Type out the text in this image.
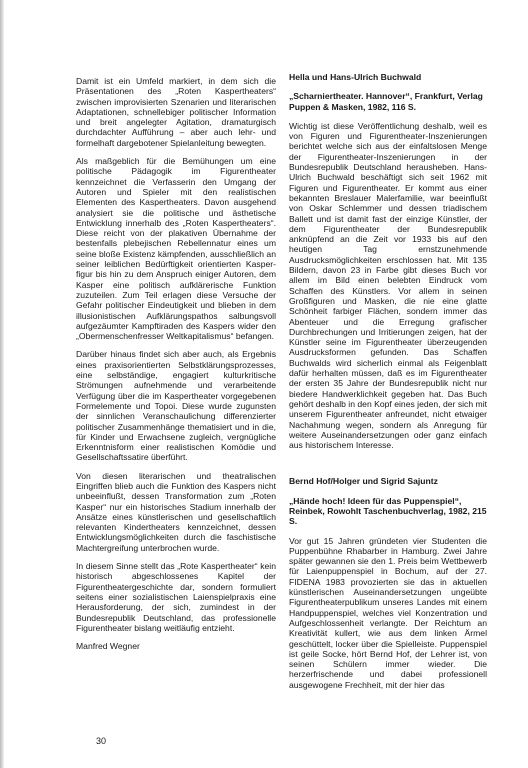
Damit ist ein Umfeld markiert, in dem sich die Präsentationen des „Roten Kaspertheaters“ zwischen improvisierten Szenarien und literarischen Adaptationen, schnellebiger politischer Information und breit angelegter Agitation, dramaturgisch durchdachter Aufführung – aber auch lehr- und formelhaft dargebotener Spielanleitung bewegten.

Als maßgeblich für die Bemühungen um eine politische Pädagogik im Figurentheater kennzeichnet die Verfasserin den Umgang der Autoren und Spieler mit den realistischen Elementen des Kaspertheaters. Davon ausgehend analysiert sie die politische und ästhetische Entwicklung innerhalb des „Roten Kaspertheaters“. Diese reicht von der plakativen Übernahme der bestenfalls plebejischen Rebellennatur eines um seine bloße Existenz kämpfenden, ausschließlich an seiner leiblichen Bedürftigkeit orientierten Kasperfigur bis hin zu dem Anspruch einiger Autoren, dem Kasper eine politisch aufklärerische Funktion zuzuteilen. Zum Teil erlagen diese Versuche der Gefahr politischer Eindeutigkeit und blieben in dem illusionistischen Aufklärungspathos salbungsvoll aufgezäumter Kampftiraden des Kaspers wider den „Obermenschenfresser Weltkapitalismus“ befangen.

Darüber hinaus findet sich aber auch, als Ergebnis eines praxisorientierten Selbstklärungsprozesses, eine selbständige, engagiert kulturkritische Strömungen aufnehmende und verarbeitende Verfügung über die im Kaspertheater vorgegebenen Formelemente und Topoi. Diese wurde zugunsten der sinnlichen Veranschaulichung differenzierter politischer Zusammenhänge thematisiert und in die, für Kinder und Erwachsene zugleich, vergnügliche Erkenntnisform einer realistischen Komödie und Gesellschaftssatire überführt.

Von diesen literarischen und theatralischen Eingriffen blieb auch die Funktion des Kaspers nicht unbeeinflußt, dessen Transformation zum „Roten Kasper“ nur ein historisches Stadium innerhalb der Ansätze eines künstlerischen und gesellschaftlich relevanten Kindertheaters kennzeichnet, dessen Entwicklungsmöglichkeiten durch die faschistische Machtergreifung unterbrochen wurde.

In diesem Sinne stellt das „Rote Kaspertheater“ kein historisch abgeschlossenes Kapitel der Figurentheatergeschichte dar, sondern formuliert seitens einer sozialistischen Laienspielpraxis eine Herausforderung, der sich, zumindest in der Bundesrepublik Deutschland, das professionelle Figurentheater bislang weitläufig entzieht.

Manfred Wegner

Hella und Hans-Ulrich Buchwald
„Scharniertheater. Hannover“, Frankfurt, Verlag Puppen & Masken, 1982, 116 S.

Wichtig ist diese Veröffentlichung deshalb, weil es von Figuren und Figurentheater-Inszenierungen berichtet welche sich aus der einfaltslosen Menge der Figurentheater-Inszenierungen in der Bundesrepublik Deutschland herausheben. Hans-Ulrich Buchwald beschäftigt sich seit 1962 mit Figuren und Figurentheater. Er kommt aus einer bekannten Breslauer Malerfamilie, war beeinflußt von Oskar Schlemmer und dessen triadischem Ballett und ist damit fast der einzige Künstler, der dem Figurentheater der Bundesrepublik anknüpfend an die Zeit vor 1933 bis auf den heutigen Tag ernstzunehmende Ausdrucksmöglichkeiten erschlossen hat. Mit 135 Bildern, davon 23 in Farbe gibt dieses Buch vor allem im Bild einen belebten Eindruck vom Schaffen des Künstlers. Vor allem in seinen Großfiguren und Masken, die nie eine glatte Schönheit farbiger Flächen, sondern immer das Abenteuer und die Erregung grafischer Durchbrechungen und Irritierungen zeigen, hat der Künstler seine im Figurentheater überzeugenden Ausdrucksformen gefunden. Das Schaffen Buchwalds wird sicherlich einmal als Feigenblatt dafür herhalten müssen, daß es im Figurentheater der ersten 35 Jahre der Bundesrepublik nicht nur biedere Handwerklichkeit gegeben hat. Das Buch gehört deshalb in den Kopf eines jeden, der sich mit unserem Figurentheater anfreundet, nicht etwaiger Nachahmung wegen, sondern als Anregung für weitere Auseinandersetzungen oder ganz einfach aus historischem Interesse.

Bernd Hof/Holger und Sigrid Sajuntz
„Hände hoch! Ideen für das Puppenspiel“, Reinbek, Rowohlt Taschenbuchverlag, 1982, 215 S.

Vor gut 15 Jahren gründeten vier Studenten die Puppenbühne Rhabarber in Hamburg. Zwei Jahre später gewannen sie den 1. Preis beim Wettbewerb für Laienpuppenspiel in Bochum, auf der 27. FIDENA 1983 provozierten sie das in aktuellen künstlerischen Auseinandersetzungen ungeübte Figurentheaterpublikum unseres Landes mit einem Handpuppenspiel, welches viel Konzentration und Aufgeschlossenheit verlangte. Der Reichtum an Kreativität kullert, wie aus dem linken Ärmel geschüttelt, locker über die Spielleiste. Puppenspiel ist geile Socke, hört Bernd Hof, der Lehrer ist, von seinen Schülern immer wieder. Die herzerfrischende und dabei professionell ausgewogene Frechheit, mit der hier das

30
